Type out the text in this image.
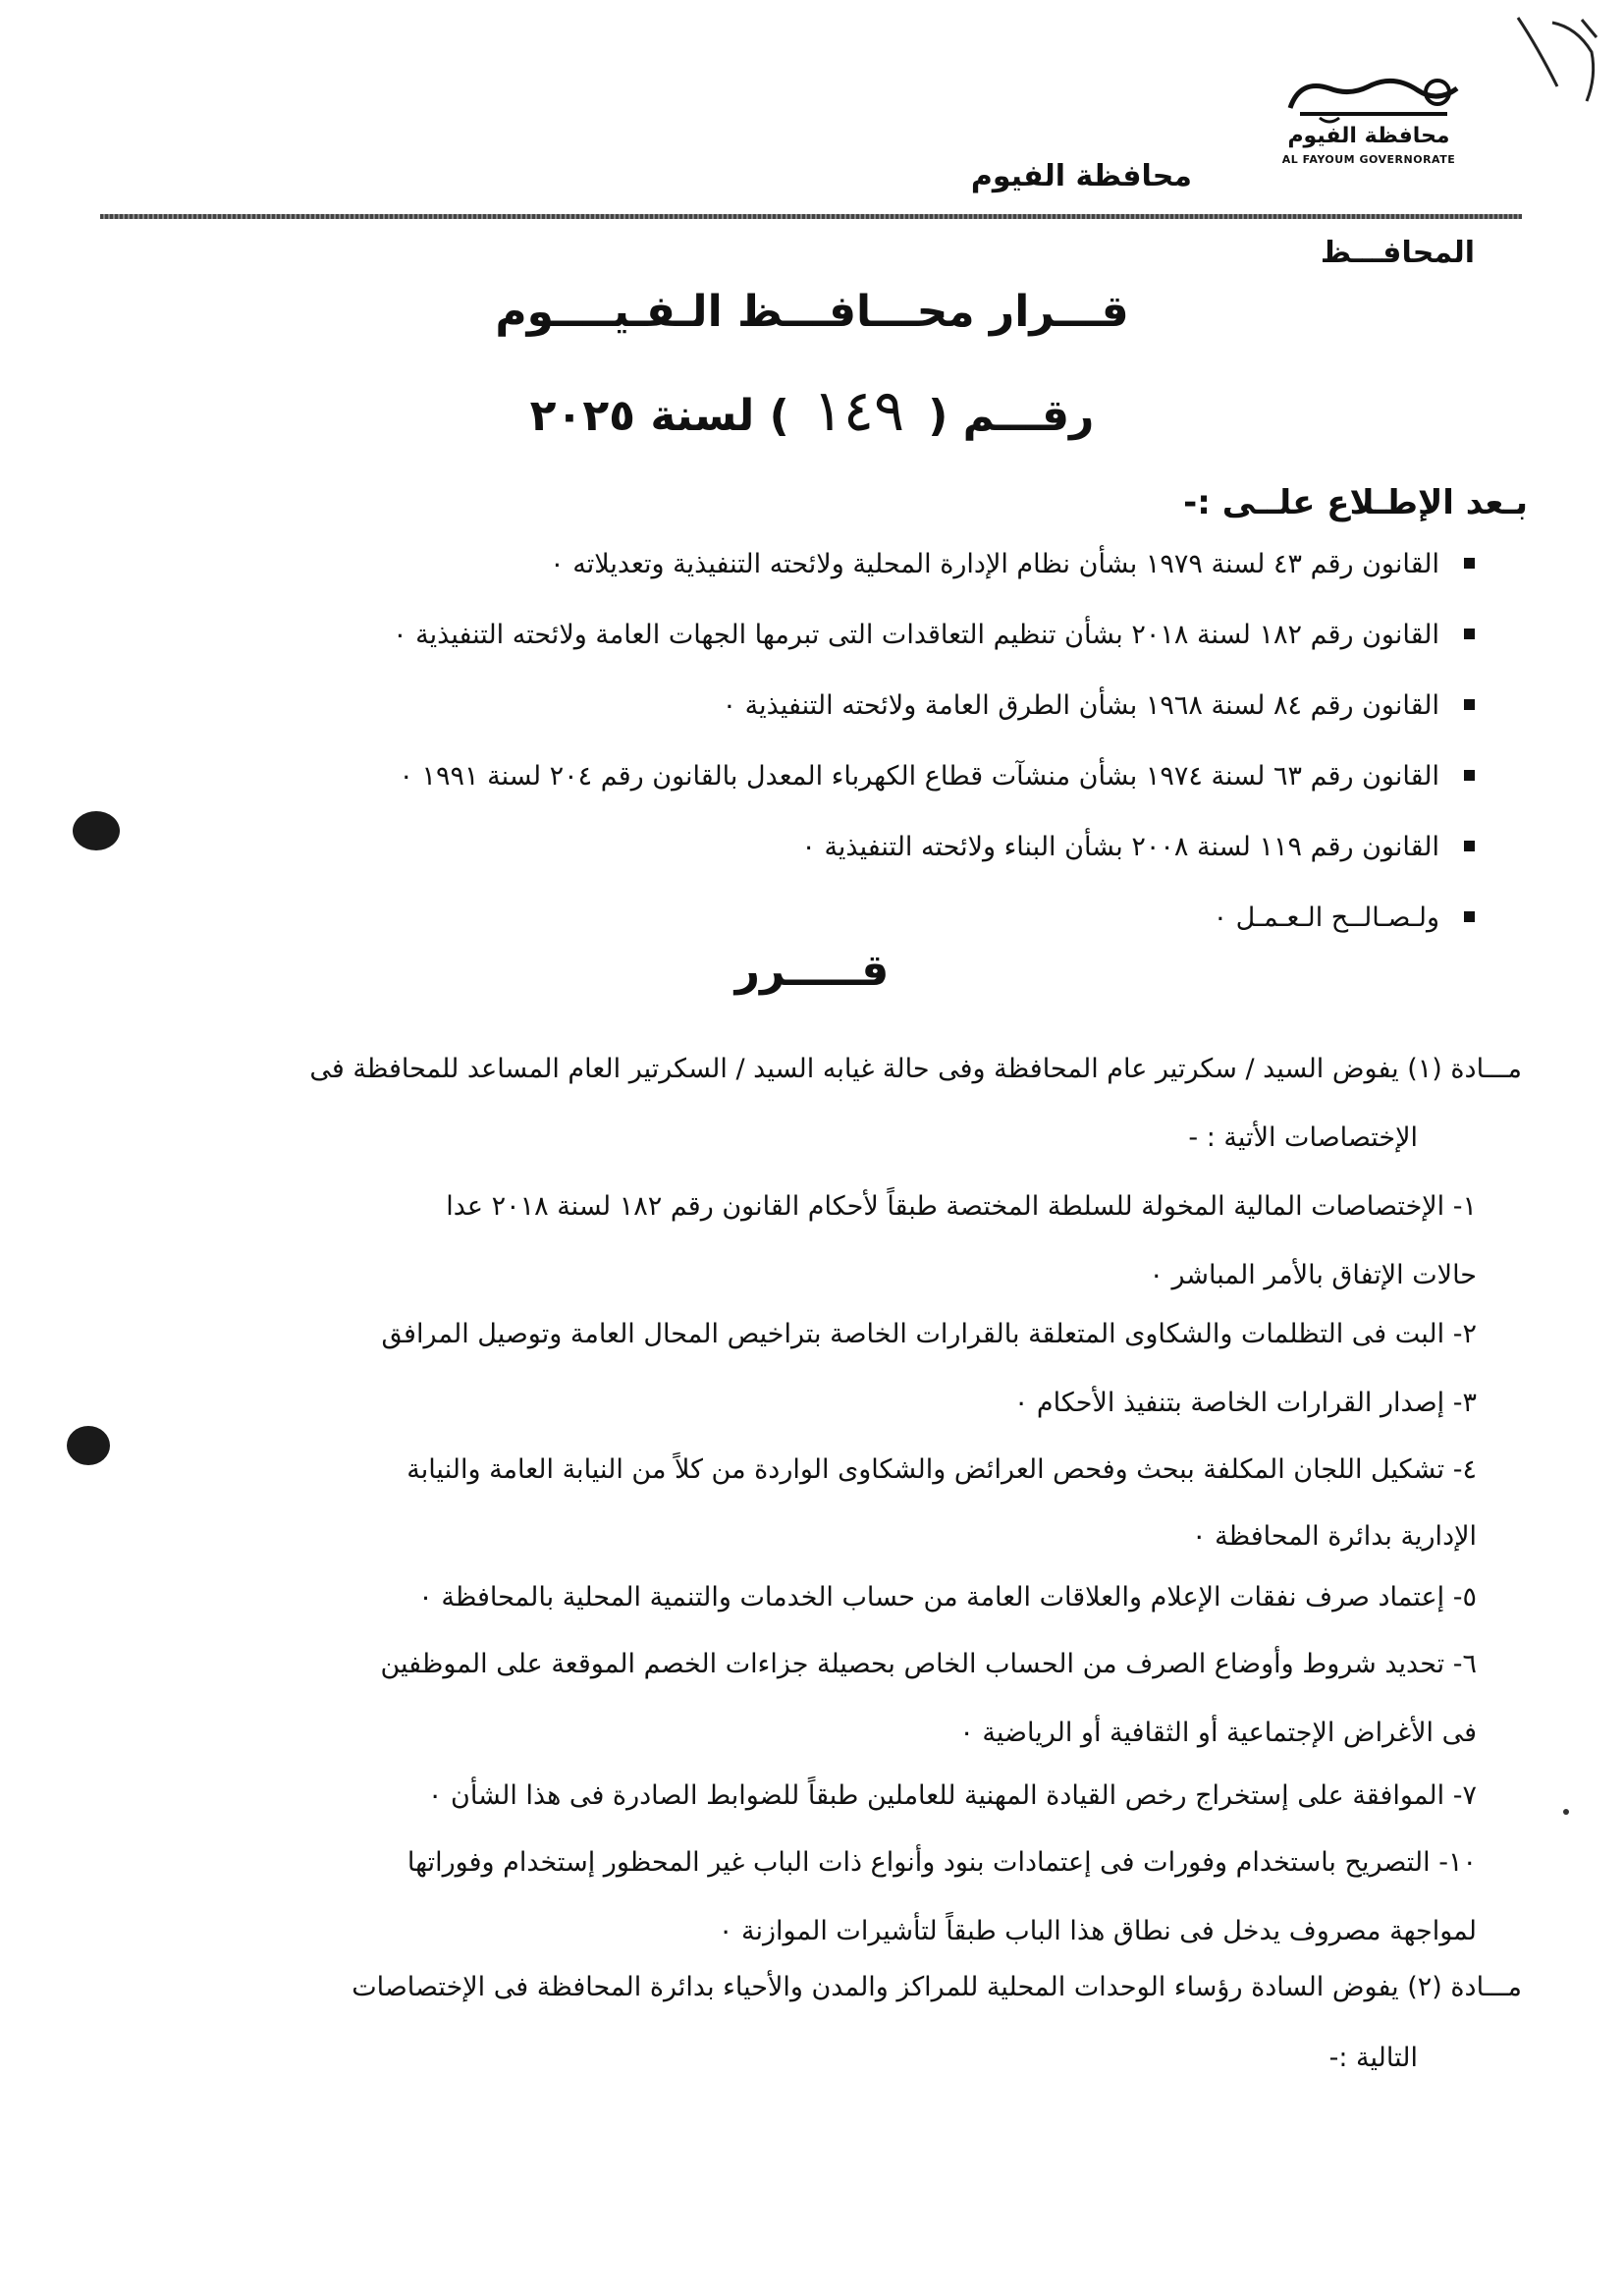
محافظة الفيوم
AL FAYOUM GOVERNORATE
محافظة الفيوم
المحافـــظ
قـــرار محـــافـــظ الـفـيــــوم
رقـــم (١٤٩) لسنة ٢٠٢٥
بـعد الإطـلاع علــى :-
القانون رقم ٤٣ لسنة ١٩٧٩ بشأن نظام الإدارة المحلية ولائحته التنفيذية وتعديلاته ٠
القانون رقم ١٨٢ لسنة ٢٠١٨ بشأن تنظيم التعاقدات التى تبرمها الجهات العامة ولائحته التنفيذية ٠
القانون رقم ٨٤ لسنة ١٩٦٨ بشأن الطرق العامة ولائحته التنفيذية ٠
القانون رقم ٦٣ لسنة ١٩٧٤ بشأن منشآت قطاع الكهرباء المعدل بالقانون رقم ٢٠٤ لسنة ١٩٩١ ٠
القانون رقم ١١٩ لسنة ٢٠٠٨ بشأن البناء ولائحته التنفيذية ٠
ولـصـالــح الـعـمـل ٠
قـــــرر
مـــادة (١) يفوض السيد / سكرتير عام المحافظة وفى حالة غيابه السيد / السكرتير العام المساعد للمحافظة فى
الإختصاصات الأتية : -
١- الإختصاصات المالية المخولة للسلطة المختصة طبقاً لأحكام القانون رقم ١٨٢ لسنة ٢٠١٨ عدا
حالات الإتفاق بالأمر المباشر ٠
٢- البت فى التظلمات والشكاوى المتعلقة بالقرارات الخاصة بتراخيص المحال العامة وتوصيل المرافق
٣- إصدار القرارات الخاصة بتنفيذ الأحكام ٠
٤- تشكيل اللجان المكلفة ببحث وفحص العرائض والشكاوى الواردة من كلاً من النيابة العامة والنيابة
الإدارية بدائرة المحافظة ٠
٥- إعتماد صرف نفقات الإعلام والعلاقات العامة من حساب الخدمات والتنمية المحلية بالمحافظة ٠
٦- تحديد شروط وأوضاع الصرف من الحساب الخاص بحصيلة جزاءات الخصم الموقعة على الموظفين
فى الأغراض الإجتماعية أو الثقافية أو الرياضية ٠
٧- الموافقة على إستخراج رخص القيادة المهنية للعاملين طبقاً للضوابط الصادرة فى هذا الشأن ٠
١٠- التصريح باستخدام وفورات فى إعتمادات بنود وأنواع ذات الباب غير المحظور إستخدام وفوراتها
لمواجهة مصروف يدخل فى نطاق هذا الباب طبقاً لتأشيرات الموازنة ٠
مـــادة (٢) يفوض السادة رؤساء الوحدات المحلية للمراكز والمدن والأحياء بدائرة المحافظة فى الإختصاصات
التالية :-
